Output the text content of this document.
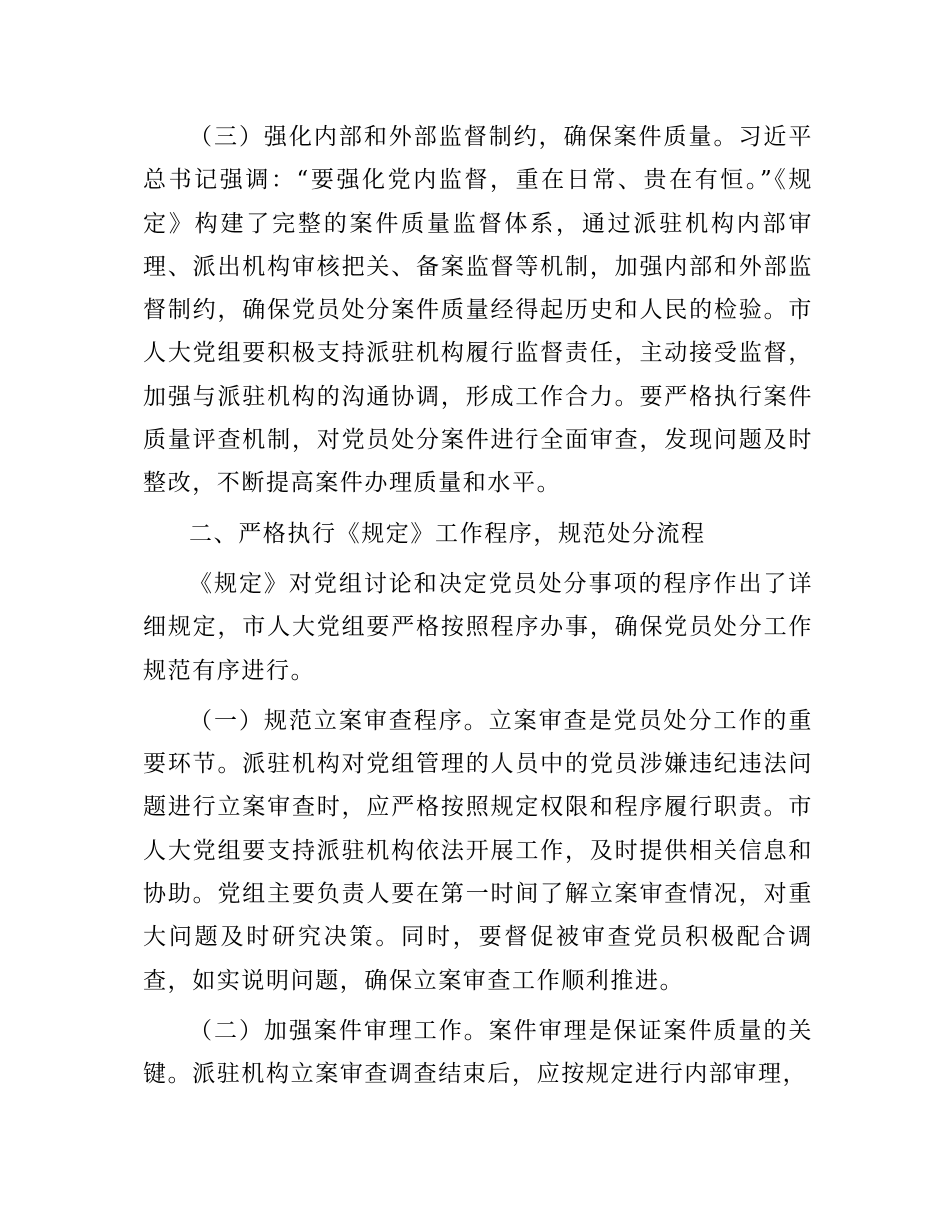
（三）强化内部和外部监督制约，确保案件质量。习近平总书记强调：“要强化党内监督，重在日常、贵在有恒。”《规定》构建了完整的案件质量监督体系，通过派驻机构内部审理、派出机构审核把关、备案监督等机制，加强内部和外部监督制约，确保党员处分案件质量经得起历史和人民的检验。市人大党组要积极支持派驻机构履行监督责任，主动接受监督，加强与派驻机构的沟通协调，形成工作合力。要严格执行案件质量评查机制，对党员处分案件进行全面审查，发现问题及时整改，不断提高案件办理质量和水平。

二、严格执行《规定》工作程序，规范处分流程

《规定》对党组讨论和决定党员处分事项的程序作出了详细规定，市人大党组要严格按照程序办事，确保党员处分工作规范有序进行。

（一）规范立案审查程序。立案审查是党员处分工作的重要环节。派驻机构对党组管理的人员中的党员涉嫌违纪违法问题进行立案审查时，应严格按照规定权限和程序履行职责。市人大党组要支持派驻机构依法开展工作，及时提供相关信息和协助。党组主要负责人要在第一时间了解立案审查情况，对重大问题及时研究决策。同时，要督促被审查党员积极配合调查，如实说明问题，确保立案审查工作顺利推进。

（二）加强案件审理工作。案件审理是保证案件质量的关键。派驻机构立案审查调查结束后，应按规定进行内部审理，
